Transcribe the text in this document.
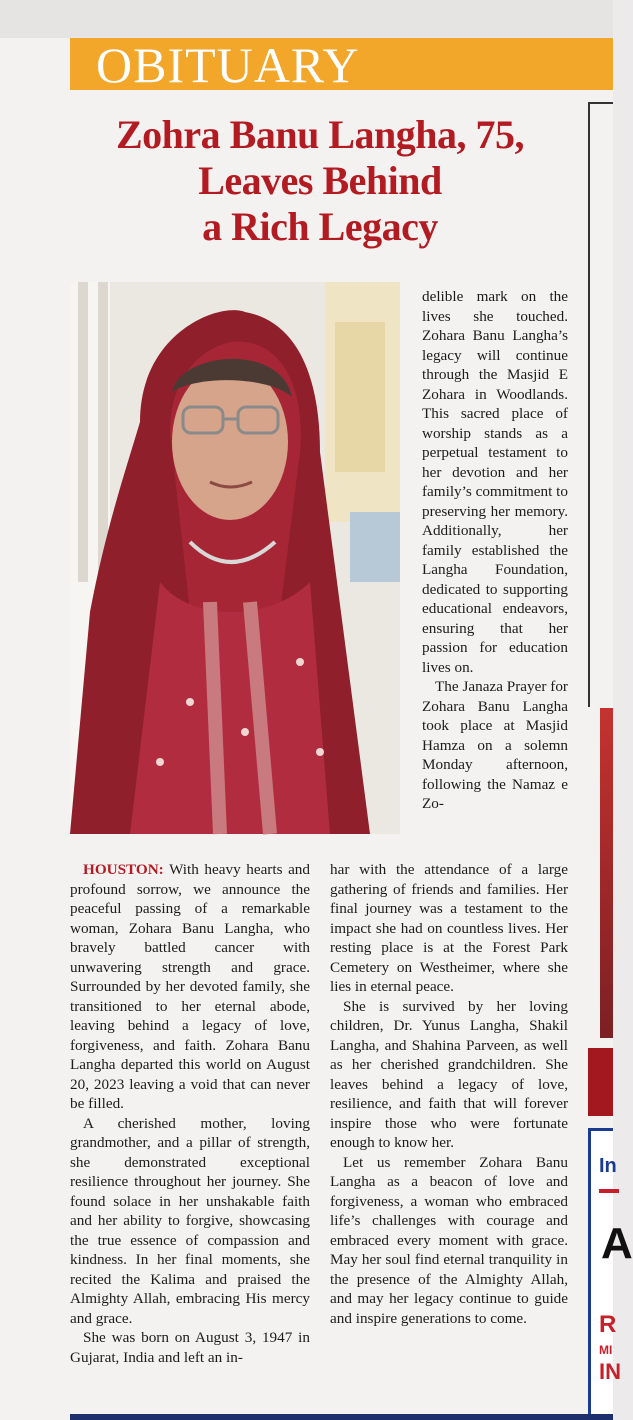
OBITUARY
Zohra Banu Langha, 75,
Leaves Behind
a Rich Legacy

delible mark on the lives she touched. Zohara Banu Langha’s legacy will continue through the Masjid E Zohara in Woodlands. This sacred place of worship stands as a perpetual testament to her devotion and her family’s commitment to preserving her memory. Additionally, her family established the Langha Foundation, dedicated to supporting educational endeavors, ensuring that her passion for education lives on.

The Janaza Prayer for Zohara Banu Langha took place at Masjid Hamza on a solemn Monday afternoon, following the Namaz e Zo-

HOUSTON: With heavy hearts and profound sorrow, we announce the peaceful passing of a remarkable woman, Zohara Banu Langha, who bravely battled cancer with unwavering strength and grace. Surrounded by her devoted family, she transitioned to her eternal abode, leaving behind a legacy of love, forgiveness, and faith. Zohara Banu Langha departed this world on August 20, 2023 leaving a void that can never be filled.

A cherished mother, loving grandmother, and a pillar of strength, she demonstrated exceptional resilience throughout her journey. She found solace in her unshakable faith and her ability to forgive, showcasing the true essence of compassion and kindness. In her final moments, she recited the Kalima and praised the Almighty Allah, embracing His mercy and grace.

She was born on August 3, 1947 in Gujarat, India and left an in-

har with the attendance of a large gathering of friends and families. Her final journey was a testament to the impact she had on countless lives. Her resting place is at the Forest Park Cemetery on Westheimer, where she lies in eternal peace.

She is survived by her loving children, Dr. Yunus Langha, Shakil Langha, and Shahina Parveen, as well as her cherished grandchildren. She leaves behind a legacy of love, resilience, and faith that will forever inspire those who were fortunate enough to know her.

Let us remember Zohara Banu Langha as a beacon of love and forgiveness, a woman who embraced life’s challenges with courage and embraced every moment with grace. May her soul find eternal tranquility in the presence of the Almighty Allah, and may her legacy continue to guide and inspire generations to come.

In
A
R
MI
IN
